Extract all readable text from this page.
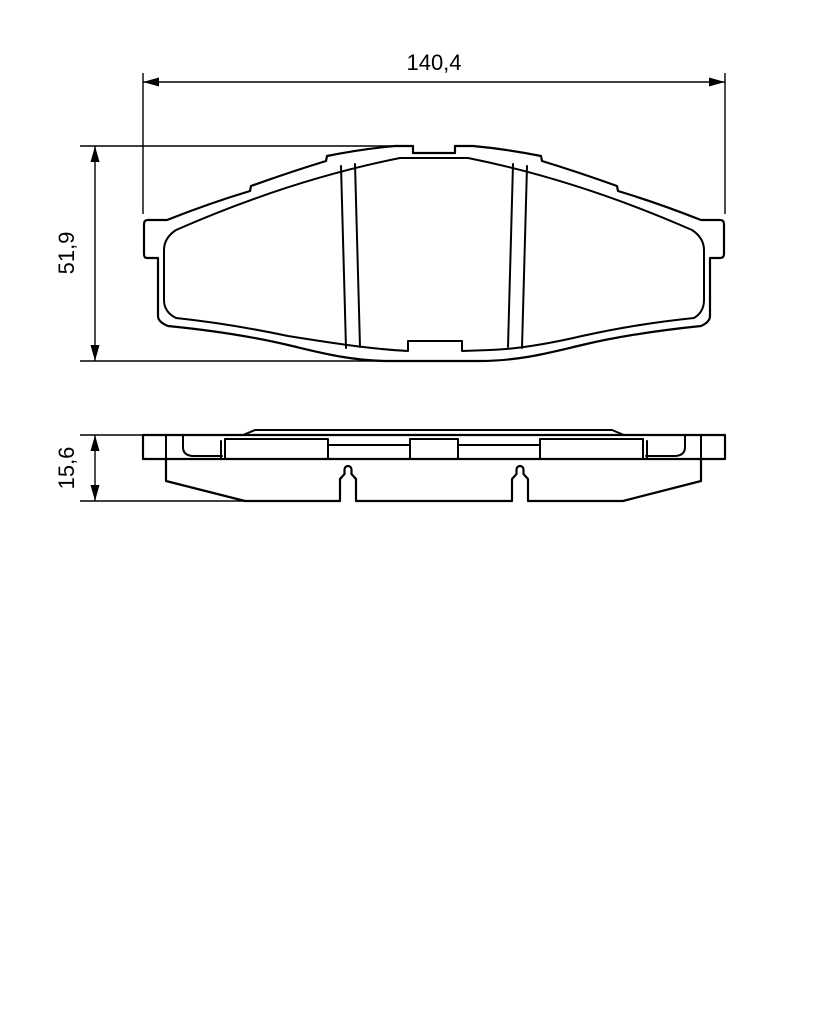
140,4
51,9
15,6
